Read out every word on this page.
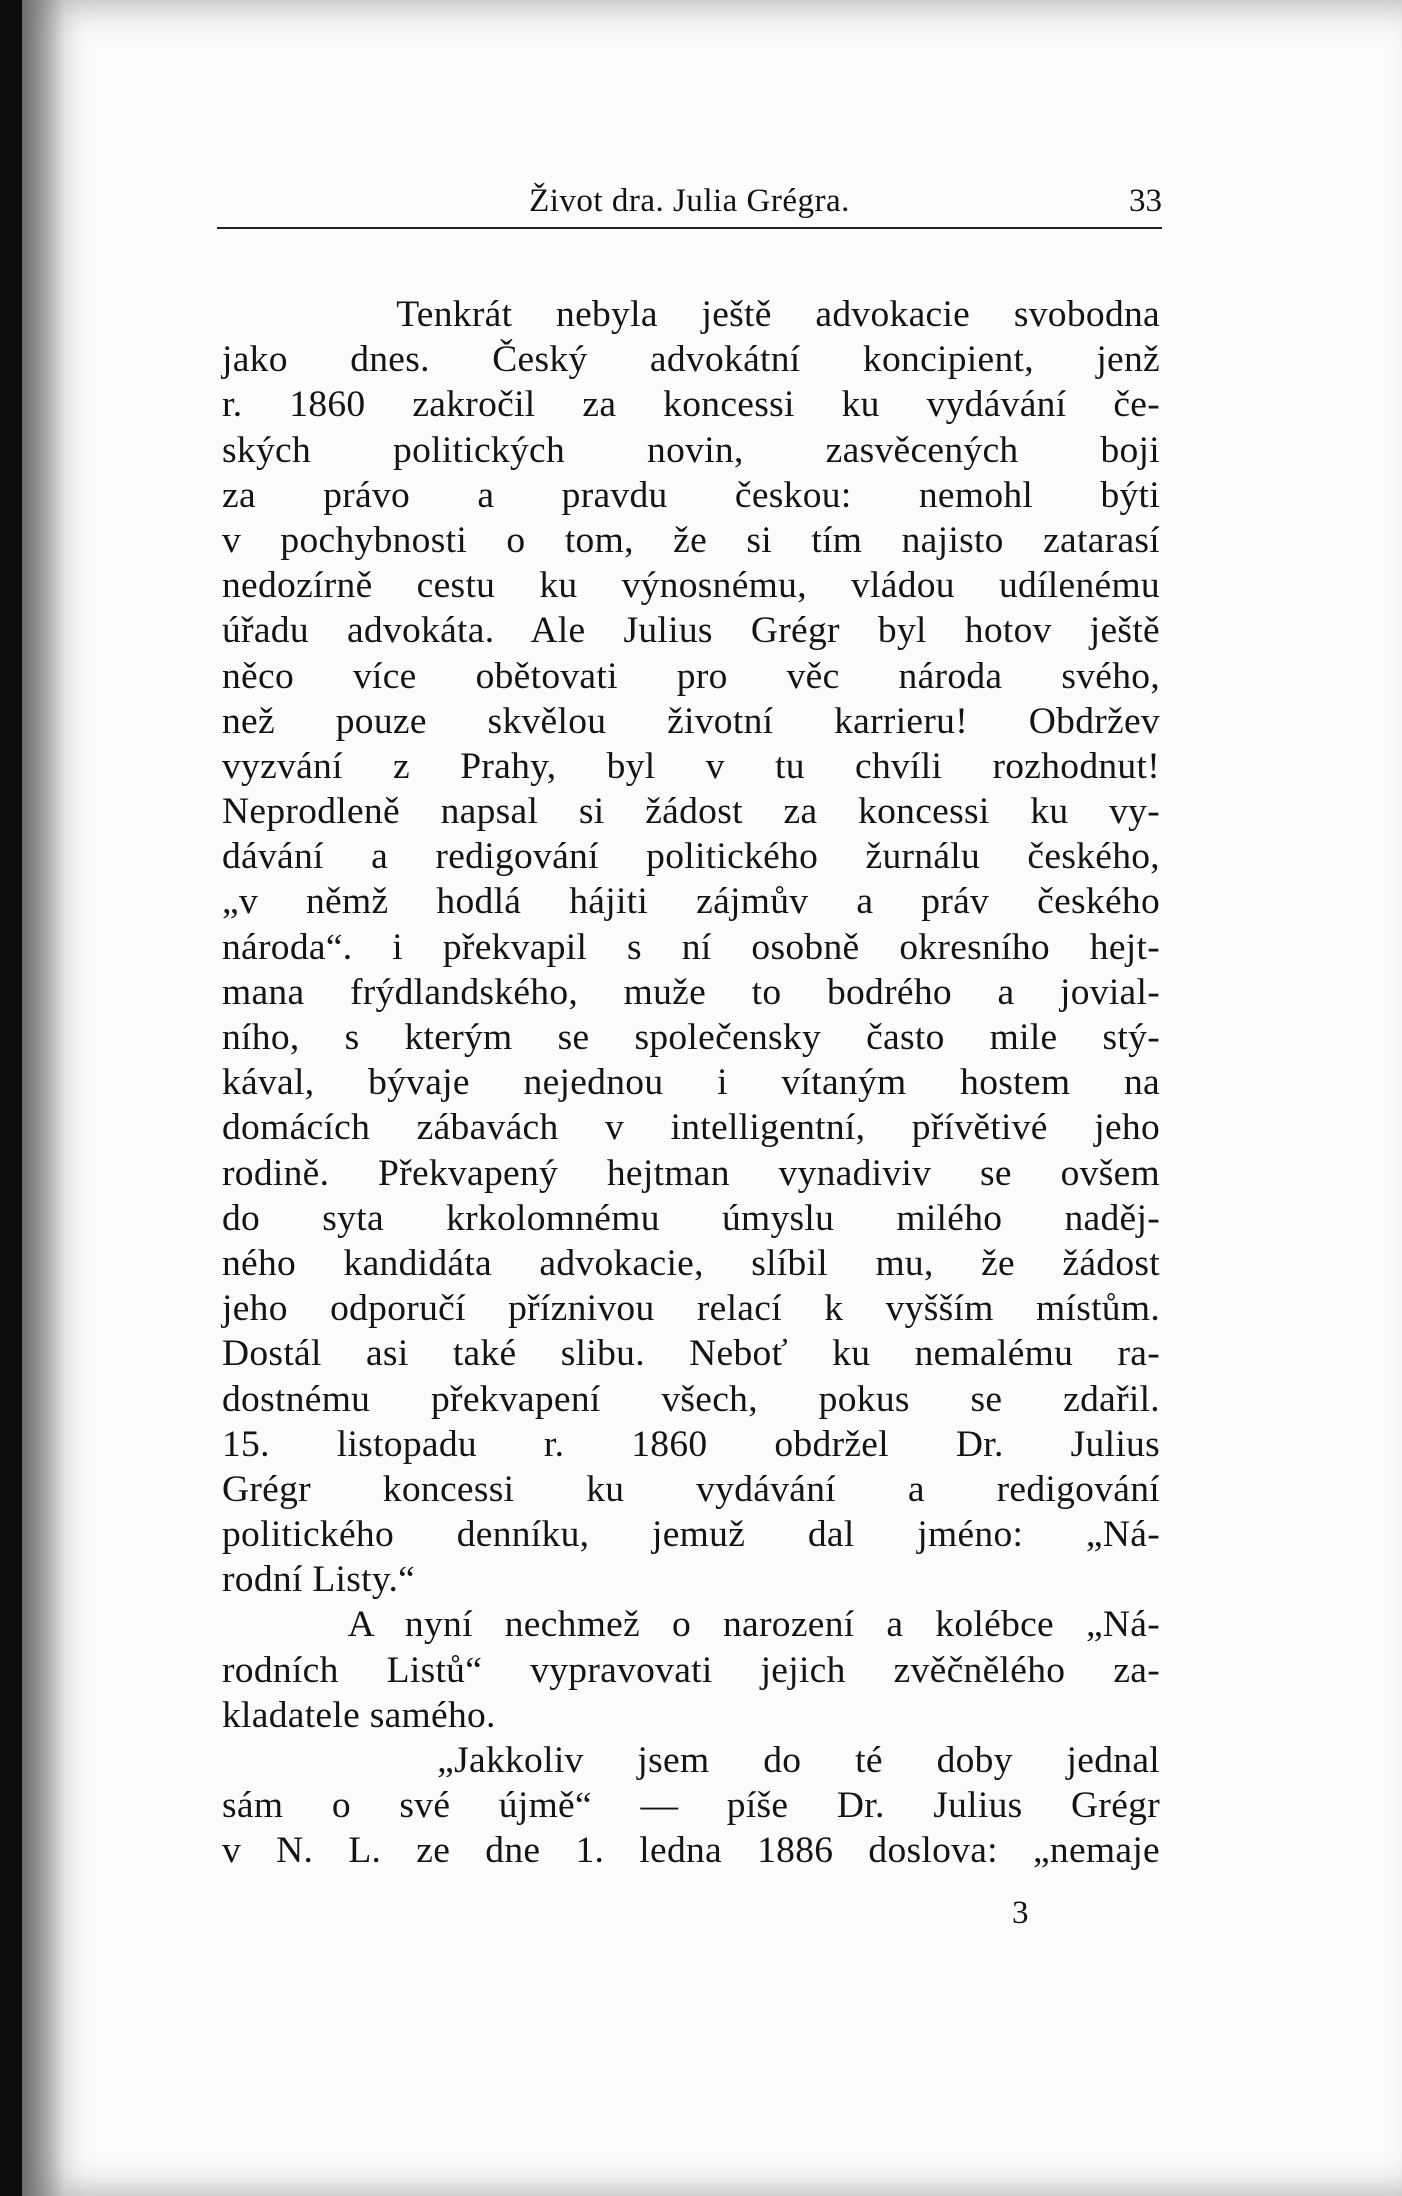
Život dra. Julia Grégra.	33
Tenkrát nebyla ještě advokacie svobodna
jako dnes. Český advokátní koncipient, jenž
r. 1860 zakročil za koncessi ku vydávání če-
ských politických novin, zasvěcených boji
za právo a pravdu českou: nemohl býti
v pochybnosti o tom, že si tím najisto zatarasí
nedozírně cestu ku výnosnému, vládou udílenému
úřadu advokáta. Ale Julius Grégr byl hotov ještě
něco více obětovati pro věc národa svého,
než pouze skvělou životní karrieru! Obdržev
vyzvání z Prahy, byl v tu chvíli rozhodnut!
Neprodleně napsal si žádost za koncessi ku vy-
dávání a redigování politického žurnálu českého,
„v němž hodlá hájiti zájmův a práv českého
národa“. i překvapil s ní osobně okresního hejt-
mana frýdlandského, muže to bodrého a jovial-
ního, s kterým se společensky často mile stý-
kával, bývaje nejednou i vítaným hostem na
domácích zábavách v intelligentní, přívětivé jeho
rodině. Překvapený hejtman vynadiviv se ovšem
do syta krkolomnému úmyslu milého naděj-
ného kandidáta advokacie, slíbil mu, že žádost
jeho odporučí příznivou relací k vyšším místům.
Dostál asi také slibu. Neboť ku nemalému ra-
dostnému překvapení všech, pokus se zdařil.
15. listopadu r. 1860 obdržel Dr. Julius
Grégr koncessi ku vydávání a redigování
politického denníku, jemuž dal jméno: „Ná-
rodní Listy.“
A nyní nechmež o narození a kolébce „Ná-
rodních Listů“ vypravovati jejich zvěčnělého za-
kladatele samého.
„Jakkoliv jsem do té doby jednal
sám o své újmě“ — píše Dr. Julius Grégr
v N. L. ze dne 1. ledna 1886 doslova: „nemaje
3
